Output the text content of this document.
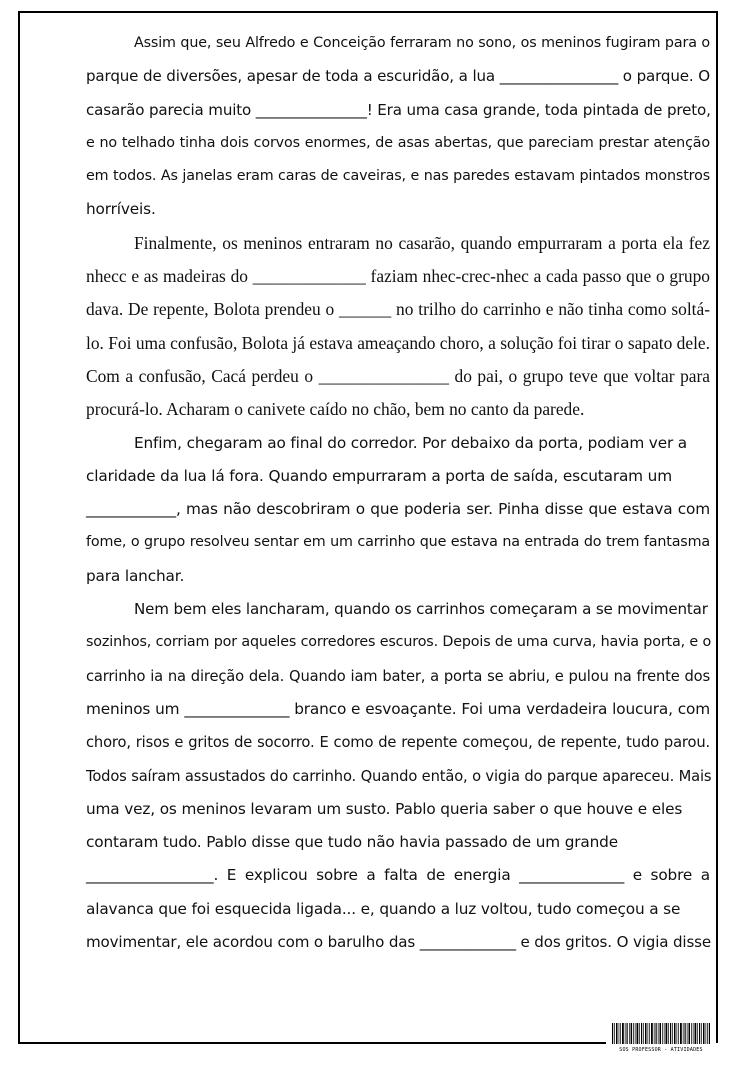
Assim que, seu Alfredo e Conceição ferraram no sono, os meninos fugiram para o
parque de diversões, apesar de toda a escuridão, a lua ________________ o parque. O
casarão parecia muito _______________! Era uma casa grande, toda pintada de preto,
e no telhado tinha dois corvos enormes, de asas abertas, que pareciam prestar atenção
em todos. As janelas eram caras de caveiras, e nas paredes estavam pintados monstros
horríveis.
Finalmente, os meninos entraram no casarão, quando empurraram a porta ela fez
nhecc e as madeiras do _____________ faziam nhec-crec-nhec a cada passo que o grupo
dava. De repente, Bolota prendeu o ______ no trilho do carrinho e não tinha como soltá-
lo. Foi uma confusão, Bolota já estava ameaçando choro, a solução foi tirar o sapato dele.
Com a confusão, Cacá perdeu o _______________ do pai, o grupo teve que voltar para
procurá-lo. Acharam o canivete caído no chão, bem no canto da parede.
Enfim, chegaram ao final do corredor. Por debaixo da porta, podiam ver a
claridade da lua lá fora. Quando empurraram a porta de saída, escutaram um
____________, mas não descobriram o que poderia ser. Pinha disse que estava com
fome, o grupo resolveu sentar em um carrinho que estava na entrada do trem fantasma
para lanchar.
Nem bem eles lancharam, quando os carrinhos começaram a se movimentar
sozinhos, corriam por aqueles corredores escuros. Depois de uma curva, havia porta, e o
carrinho ia na direção dela. Quando iam bater, a porta se abriu, e pulou na frente dos
meninos um ______________ branco e esvoaçante. Foi uma verdadeira loucura, com
choro, risos e gritos de socorro. E como de repente começou, de repente, tudo parou.
Todos saíram assustados do carrinho. Quando então, o vigia do parque apareceu. Mais
uma vez, os meninos levaram um susto. Pablo queria saber o que houve e eles
contaram tudo. Pablo disse que tudo não havia passado de um grande
_________________. E explicou sobre a falta de energia ______________ e sobre a
alavanca que foi esquecida ligada... e, quando a luz voltou, tudo começou a se
movimentar, ele acordou com o barulho das _____________ e dos gritos. O vigia disse
SOS PROFESSOR - ATIVIDADES
